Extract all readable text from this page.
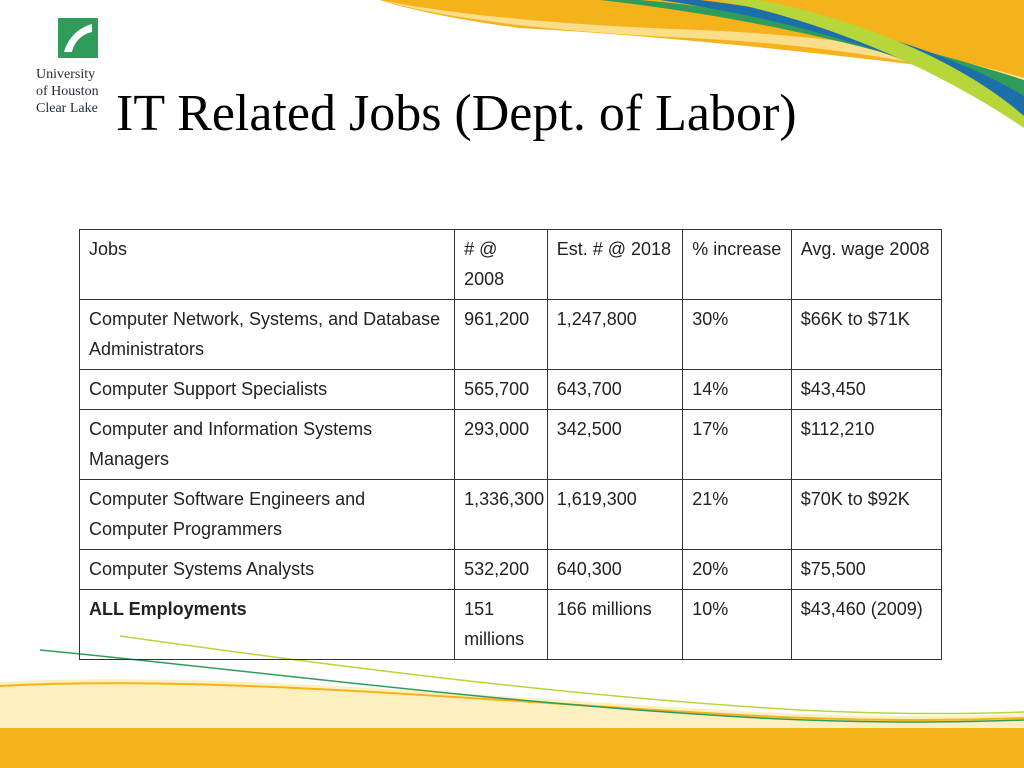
University
of Houston
Clear Lake IT Related Jobs (Dept. of Labor)
Jobs	# @ 2008	Est. # @ 2018	% increase	Avg. wage 2008
Computer Network, Systems, and Database Administrators	961,200	1,247,800	30%	$66K to $71K
Computer Support Specialists	565,700	643,700	14%	$43,450
Computer and Information Systems Managers	293,000	342,500	17%	$112,210
Computer Software Engineers and Computer Programmers	1,336,300	1,619,300	21%	$70K to $92K
Computer Systems Analysts	532,200	640,300	20%	$75,500
ALL Employments	151 millions	166 millions	10%	$43,460 (2009)
